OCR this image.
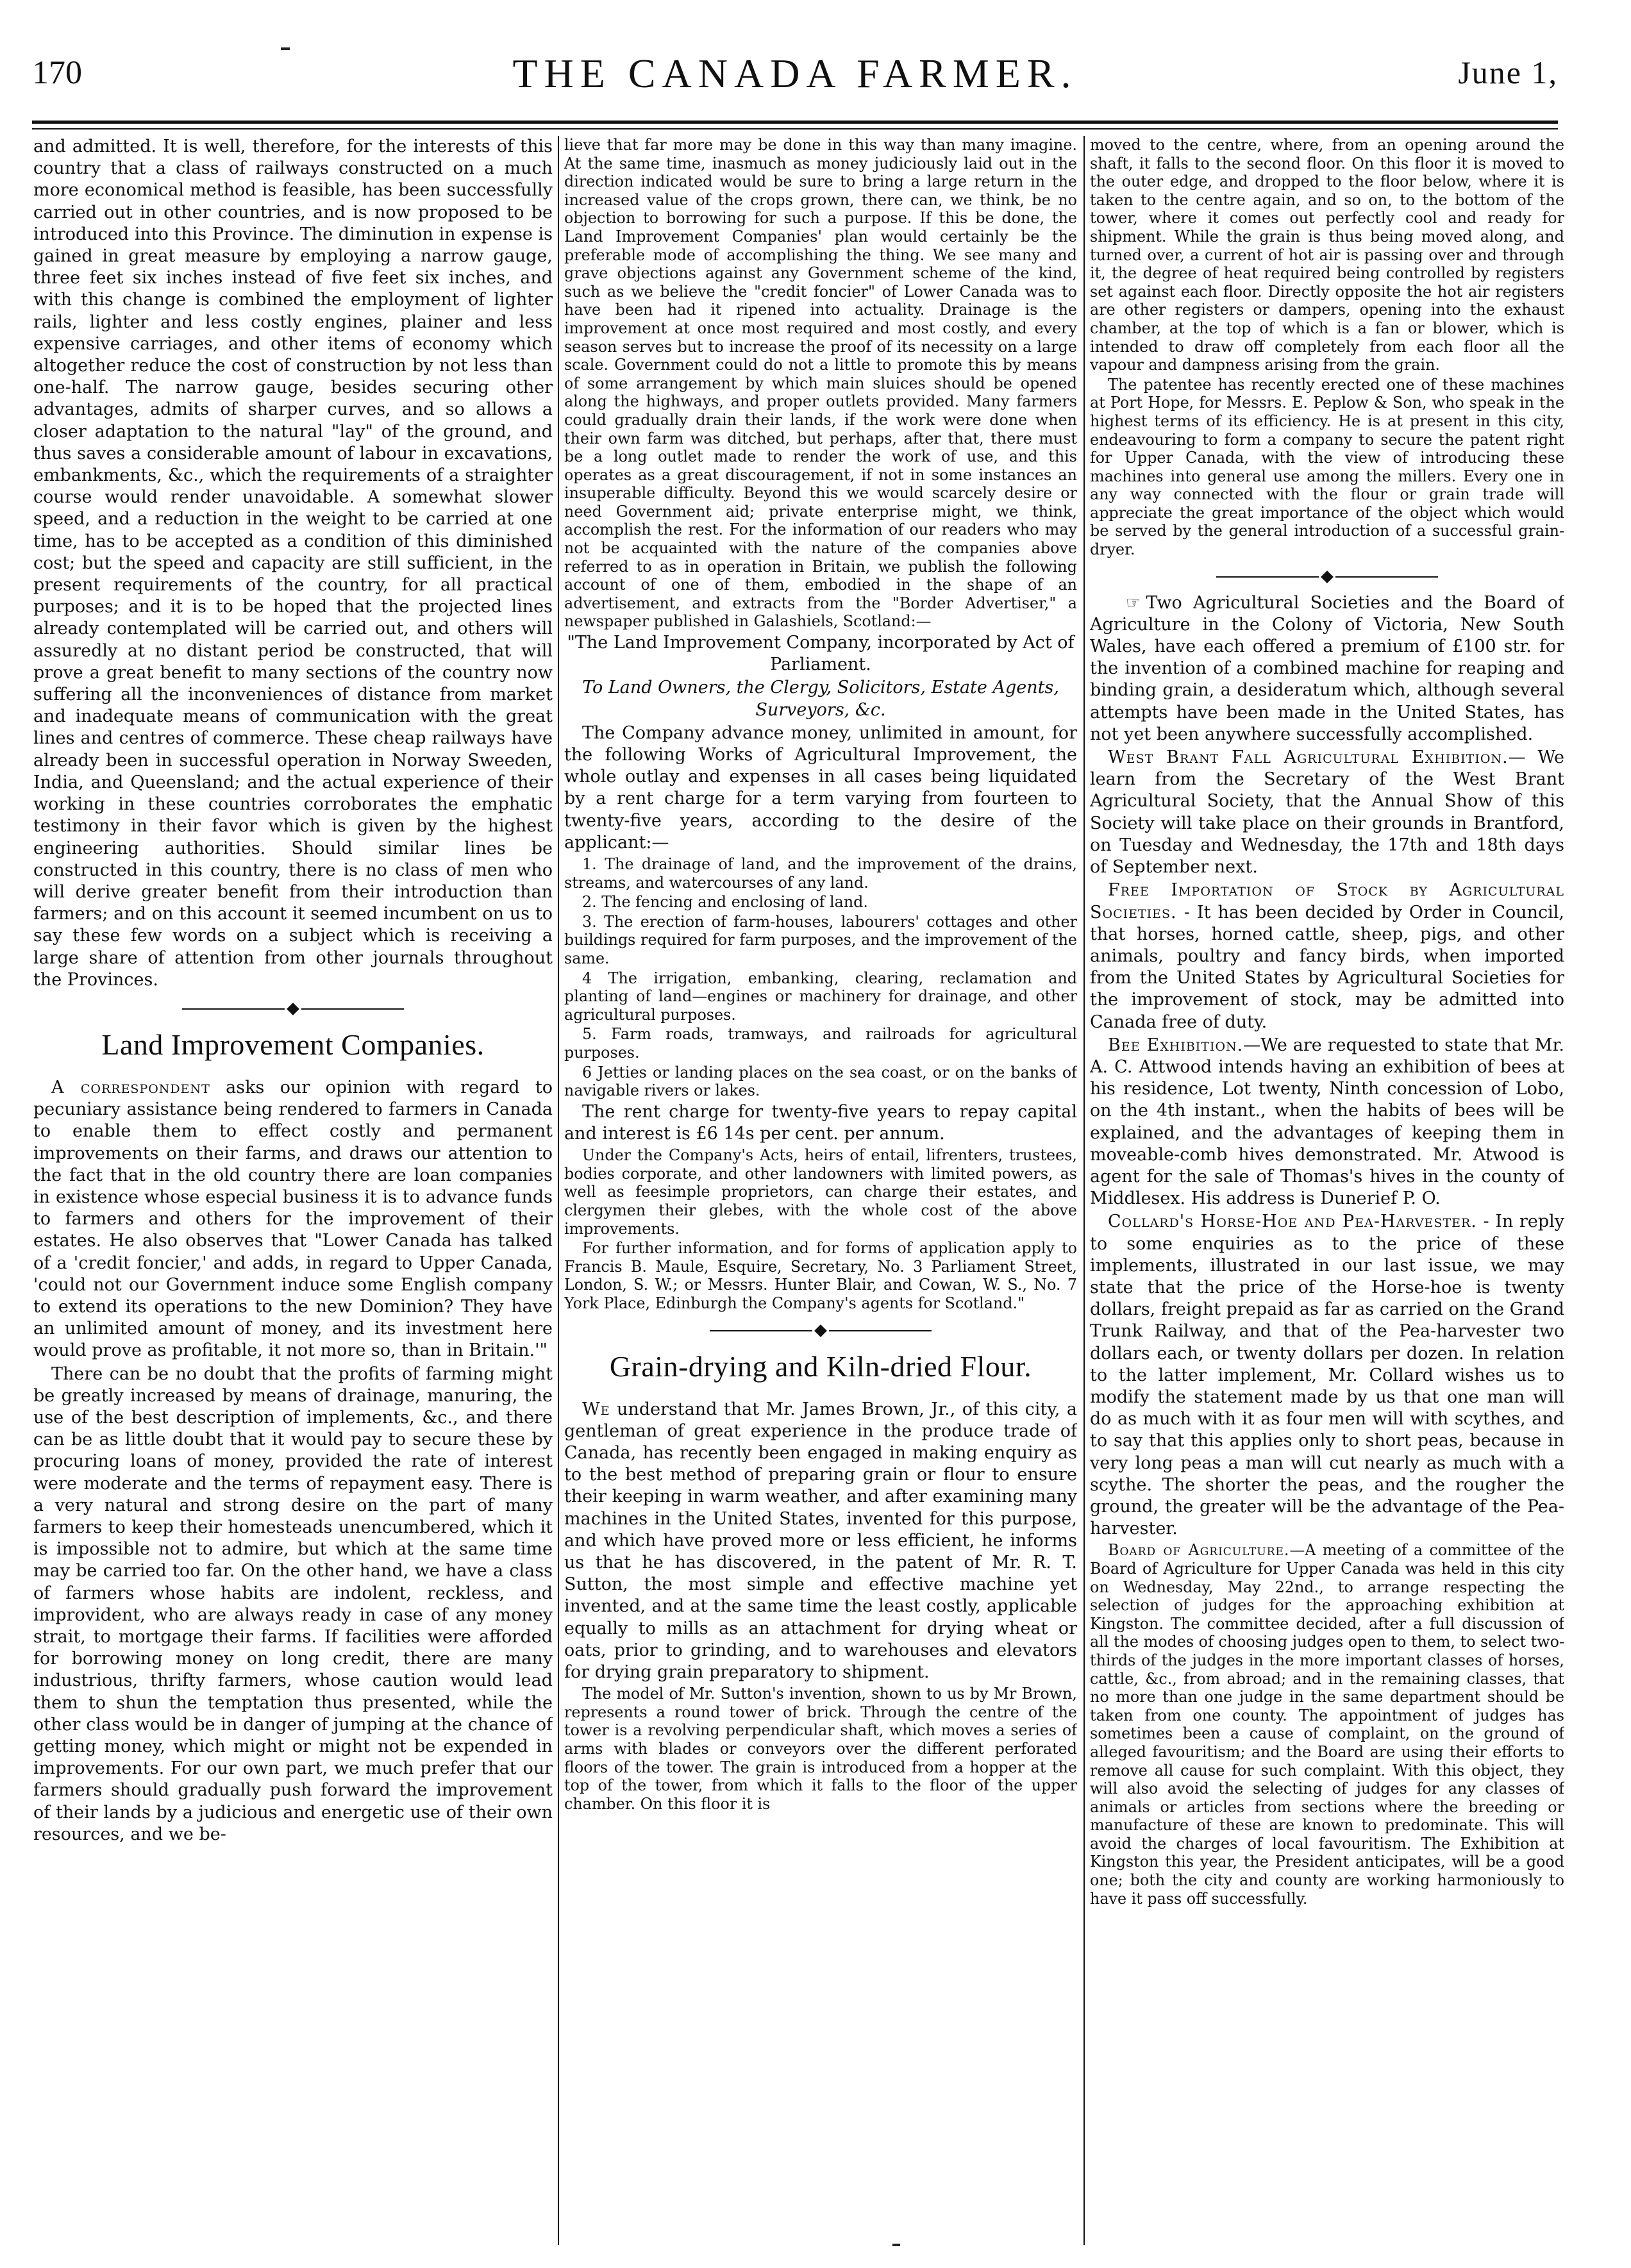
170	THE CANADA FARMER.	June 1,

and admitted. It is well, therefore, for the interests of this country that a class of railways constructed on a much more economical method is feasible, has been successfully carried out in other countries, and is now proposed to be introduced into this Province. The diminution in expense is gained in great measure by employing a narrow gauge, three feet six inches instead of five feet six inches, and with this change is combined the employment of lighter rails, lighter and less costly engines, plainer and less expensive carriages, and other items of economy which altogether reduce the cost of construction by not less than one-half. The narrow gauge, besides securing other advantages, admits of sharper curves, and so allows a closer adaptation to the natural "lay" of the ground, and thus saves a considerable amount of labour in excavations, embankments, &c., which the requirements of a straighter course would render unavoidable. A somewhat slower speed, and a reduction in the weight to be carried at one time, has to be accepted as a condition of this diminished cost; but the speed and capacity are still sufficient, in the present requirements of the country, for all practical purposes; and it is to be hoped that the projected lines already contemplated will be carried out, and others will assuredly at no distant period be constructed, that will prove a great benefit to many sections of the country now suffering all the inconveniences of distance from market and inadequate means of communication with the great lines and centres of commerce. These cheap railways have already been in successful operation in Norway Sweeden, India, and Queensland; and the actual experience of their working in these countries corroborates the emphatic testimony in their favor which is given by the highest engineering authorities. Should similar lines be constructed in this country, there is no class of men who will derive greater benefit from their introduction than farmers; and on this account it seemed incumbent on us to say these few words on a subject which is receiving a large share of attention from other journals throughout the Provinces.

Land Improvement Companies.

A correspondent asks our opinion with regard to pecuniary assistance being rendered to farmers in Canada to enable them to effect costly and permanent improvements on their farms, and draws our attention to the fact that in the old country there are loan companies in existence whose especial business it is to advance funds to farmers and others for the improvement of their estates. He also observes that "Lower Canada has talked of a 'credit foncier,' and adds, in regard to Upper Canada, 'could not our Government induce some English company to extend its operations to the new Dominion? They have an unlimited amount of money, and its investment here would prove as profitable, it not more so, than in Britain.'"

There can be no doubt that the profits of farming might be greatly increased by means of drainage, manuring, the use of the best description of implements, &c., and there can be as little doubt that it would pay to secure these by procuring loans of money, provided the rate of interest were moderate and the terms of repayment easy. There is a very natural and strong desire on the part of many farmers to keep their homesteads unencumbered, which it is impossible not to admire, but which at the same time may be carried too far. On the other hand, we have a class of farmers whose habits are indolent, reckless, and improvident, who are always ready in case of any money strait, to mortgage their farms. If facilities were afforded for borrowing money on long credit, there are many industrious, thrifty farmers, whose caution would lead them to shun the temptation thus presented, while the other class would be in danger of jumping at the chance of getting money, which might or might not be expended in improvements. For our own part, we much prefer that our farmers should gradually push forward the improvement of their lands by a judicious and energetic use of their own resources, and we be-

lieve that far more may be done in this way than many imagine. At the same time, inasmuch as money judiciously laid out in the direction indicated would be sure to bring a large return in the increased value of the crops grown, there can, we think, be no objection to borrowing for such a purpose. If this be done, the Land Improvement Companies' plan would certainly be the preferable mode of accomplishing the thing. We see many and grave objections against any Government scheme of the kind, such as we believe the "credit foncier" of Lower Canada was to have been had it ripened into actuality. Drainage is the improvement at once most required and most costly, and every season serves but to increase the proof of its necessity on a large scale. Government could do not a little to promote this by means of some arrangement by which main sluices should be opened along the highways, and proper outlets provided. Many farmers could gradually drain their lands, if the work were done when their own farm was ditched, but perhaps, after that, there must be a long outlet made to render the work of use, and this operates as a great discouragement, if not in some instances an insuperable difficulty. Beyond this we would scarcely desire or need Government aid; private enterprise might, we think, accomplish the rest. For the information of our readers who may not be acquainted with the nature of the companies above referred to as in operation in Britain, we publish the following account of one of them, embodied in the shape of an advertisement, and extracts from the "Border Advertiser," a newspaper published in Galashiels, Scotland:—

"The Land Improvement Company, incorporated by Act of Parliament.

To Land Owners, the Clergy, Solicitors, Estate Agents, Surveyors, &c.

The Company advance money, unlimited in amount, for the following Works of Agricultural Improvement, the whole outlay and expenses in all cases being liquidated by a rent charge for a term varying from fourteen to twenty-five years, according to the desire of the applicant:—

1. The drainage of land, and the improvement of the drains, streams, and watercourses of any land.

2. The fencing and enclosing of land.

3. The erection of farm-houses, labourers' cottages and other buildings required for farm purposes, and the improvement of the same.

4 The irrigation, embanking, clearing, reclamation and planting of land—engines or machinery for drainage, and other agricultural purposes.

5. Farm roads, tramways, and railroads for agricultural purposes.

6 Jetties or landing places on the sea coast, or on the banks of navigable rivers or lakes.

The rent charge for twenty-five years to repay capital and interest is £6 14s per cent. per annum.

Under the Company's Acts, heirs of entail, lifrenters, trustees, bodies corporate, and other landowners with limited powers, as well as feesimple proprietors, can charge their estates, and clergymen their glebes, with the whole cost of the above improvements.

For further information, and for forms of application apply to Francis B. Maule, Esquire, Secretary, No. 3 Parliament Street, London, S. W.; or Messrs. Hunter Blair, and Cowan, W. S., No. 7 York Place, Edinburgh the Company's agents for Scotland."

Grain-drying and Kiln-dried Flour.

We understand that Mr. James Brown, Jr., of this city, a gentleman of great experience in the produce trade of Canada, has recently been engaged in making enquiry as to the best method of preparing grain or flour to ensure their keeping in warm weather, and after examining many machines in the United States, invented for this purpose, and which have proved more or less efficient, he informs us that he has discovered, in the patent of Mr. R. T. Sutton, the most simple and effective machine yet invented, and at the same time the least costly, applicable equally to mills as an attachment for drying wheat or oats, prior to grinding, and to warehouses and elevators for drying grain preparatory to shipment.

The model of Mr. Sutton's invention, shown to us by Mr Brown, represents a round tower of brick. Through the centre of the tower is a revolving perpendicular shaft, which moves a series of arms with blades or conveyors over the different perforated floors of the tower. The grain is introduced from a hopper at the top of the tower, from which it falls to the floor of the upper chamber. On this floor it is

moved to the centre, where, from an opening around the shaft, it falls to the second floor. On this floor it is moved to the outer edge, and dropped to the floor below, where it is taken to the centre again, and so on, to the bottom of the tower, where it comes out perfectly cool and ready for shipment. While the grain is thus being moved along, and turned over, a current of hot air is passing over and through it, the degree of heat required being controlled by registers set against each floor. Directly opposite the hot air registers are other registers or dampers, opening into the exhaust chamber, at the top of which is a fan or blower, which is intended to draw off completely from each floor all the vapour and dampness arising from the grain.

The patentee has recently erected one of these machines at Port Hope, for Messrs. E. Peplow & Son, who speak in the highest terms of its efficiency. He is at present in this city, endeavouring to form a company to secure the patent right for Upper Canada, with the view of introducing these machines into general use among the millers. Every one in any way connected with the flour or grain trade will appreciate the great importance of the object which would be served by the general introduction of a successful grain-dryer.

☞ Two Agricultural Societies and the Board of Agriculture in the Colony of Victoria, New South Wales, have each offered a premium of £100 str. for the invention of a combined machine for reaping and binding grain, a desideratum which, although several attempts have been made in the United States, has not yet been anywhere successfully accomplished.

West Brant Fall Agricultural Exhibition.— We learn from the Secretary of the West Brant Agricultural Society, that the Annual Show of this Society will take place on their grounds in Brantford, on Tuesday and Wednesday, the 17th and 18th days of September next.

Free Importation of Stock by Agricultural Societies. - It has been decided by Order in Council, that horses, horned cattle, sheep, pigs, and other animals, poultry and fancy birds, when imported from the United States by Agricultural Societies for the improvement of stock, may be admitted into Canada free of duty.

Bee Exhibition.—We are requested to state that Mr. A. C. Attwood intends having an exhibition of bees at his residence, Lot twenty, Ninth concession of Lobo, on the 4th instant., when the habits of bees will be explained, and the advantages of keeping them in moveable-comb hives demonstrated. Mr. Atwood is agent for the sale of Thomas's hives in the county of Middlesex. His address is Dunerief P. O.

Collard's Horse-Hoe and Pea-Harvester. - In reply to some enquiries as to the price of these implements, illustrated in our last issue, we may state that the price of the Horse-hoe is twenty dollars, freight prepaid as far as carried on the Grand Trunk Railway, and that of the Pea-harvester two dollars each, or twenty dollars per dozen. In relation to the latter implement, Mr. Collard wishes us to modify the statement made by us that one man will do as much with it as four men will with scythes, and to say that this applies only to short peas, because in very long peas a man will cut nearly as much with a scythe. The shorter the peas, and the rougher the ground, the greater will be the advantage of the Pea-harvester.

Board of Agriculture.—A meeting of a committee of the Board of Agriculture for Upper Canada was held in this city on Wednesday, May 22nd., to arrange respecting the selection of judges for the approaching exhibition at Kingston. The committee decided, after a full discussion of all the modes of choosing judges open to them, to select two-thirds of the judges in the more important classes of horses, cattle, &c., from abroad; and in the remaining classes, that no more than one judge in the same department should be taken from one county. The appointment of judges has sometimes been a cause of complaint, on the ground of alleged favouritism; and the Board are using their efforts to remove all cause for such complaint. With this object, they will also avoid the selecting of judges for any classes of animals or articles from sections where the breeding or manufacture of these are known to predominate. This will avoid the charges of local favouritism. The Exhibition at Kingston this year, the President anticipates, will be a good one; both the city and county are working harmoniously to have it pass off successfully.
